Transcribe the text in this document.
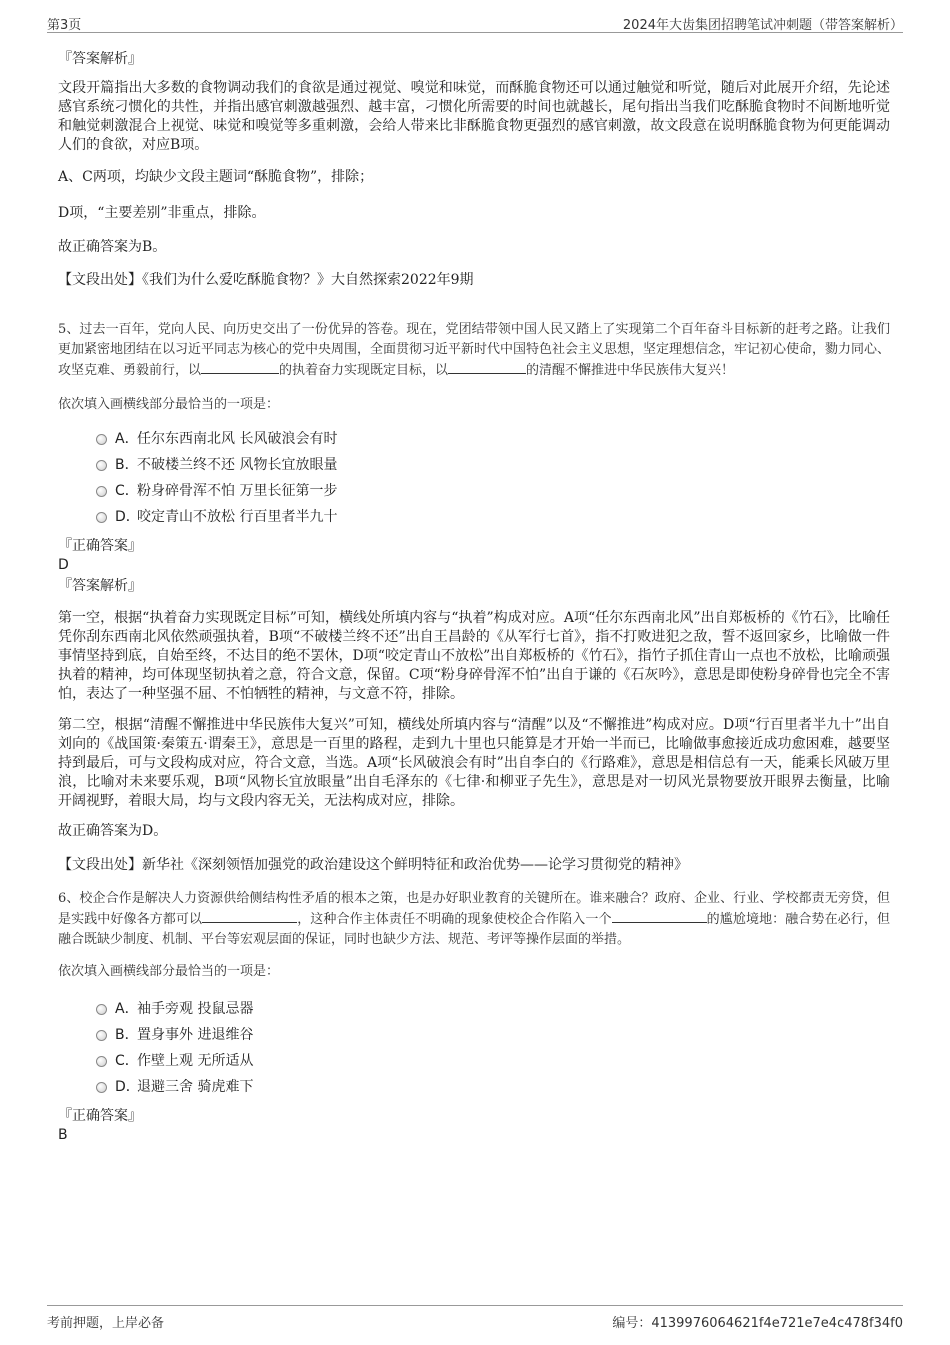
第3页	2024年大齿集团招聘笔试冲刺题（带答案解析）
『答案解析』

文段开篇指出大多数的食物调动我们的食欲是通过视觉、嗅觉和味觉，而酥脆食物还可以通过触觉和听觉，随后对此展开介绍，先论述感官系统刁惯化的共性，并指出感官刺激越强烈、越丰富，刁惯化所需要的时间也就越长，尾句指出当我们吃酥脆食物时不间断地听觉和触觉刺激混合上视觉、味觉和嗅觉等多重刺激，会给人带来比非酥脆食物更强烈的感官刺激，故文段意在说明酥脆食物为何更能调动人们的食欲，对应B项。

A、C两项，均缺少文段主题词“酥脆食物”，排除；

D项，“主要差别”非重点，排除。

故正确答案为B。

【文段出处】《我们为什么爱吃酥脆食物？》大自然探索2022年9期

5、过去一百年，党向人民、向历史交出了一份优异的答卷。现在，党团结带领中国人民又踏上了实现第二个百年奋斗目标新的赶考之路。让我们更加紧密地团结在以习近平同志为核心的党中央周围，全面贯彻习近平新时代中国特色社会主义思想，坚定理想信念，牢记初心使命，勠力同心、攻坚克难、勇毅前行，以	的执着奋力实现既定目标，以	的清醒不懈推进中华民族伟大复兴！

依次填入画横线部分最恰当的一项是：

A．任尔东西南北风 长风破浪会有时
B．不破楼兰终不还 风物长宜放眼量
C．粉身碎骨浑不怕 万里长征第一步
D．咬定青山不放松 行百里者半九十
『正确答案』
D
『答案解析』

第一空，根据“执着奋力实现既定目标”可知，横线处所填内容与“执着”构成对应。A项“任尔东西南北风”出自郑板桥的《竹石》，比喻任凭你刮东西南北风依然顽强执着，B项“不破楼兰终不还”出自王昌龄的《从军行七首》，指不打败进犯之敌，誓不返回家乡，比喻做一件事情坚持到底，自始至终，不达目的绝不罢休，D项“咬定青山不放松”出自郑板桥的《竹石》，指竹子抓住青山一点也不放松，比喻顽强执着的精神，均可体现坚韧执着之意，符合文意，保留。C项“粉身碎骨浑不怕”出自于谦的《石灰吟》，意思是即使粉身碎骨也完全不害怕，表达了一种坚强不屈、不怕牺牲的精神，与文意不符，排除。

第二空，根据“清醒不懈推进中华民族伟大复兴”可知，横线处所填内容与“清醒”以及“不懈推进”构成对应。D项“行百里者半九十”出自刘向的《战国策·秦策五·谓秦王》，意思是一百里的路程，走到九十里也只能算是才开始一半而已，比喻做事愈接近成功愈困难，越要坚持到最后，可与文段构成对应，符合文意，当选。A项“长风破浪会有时”出自李白的《行路难》，意思是相信总有一天，能乘长风破万里浪，比喻对未来要乐观，B项“风物长宜放眼量”出自毛泽东的《七律·和柳亚子先生》，意思是对一切风光景物要放开眼界去衡量，比喻开阔视野，着眼大局，均与文段内容无关，无法构成对应，排除。

故正确答案为D。

【文段出处】新华社《深刻领悟加强党的政治建设这个鲜明特征和政治优势——论学习贯彻党的精神》

6、校企合作是解决人力资源供给侧结构性矛盾的根本之策，也是办好职业教育的关键所在。谁来融合？政府、企业、行业、学校都责无旁贷，但是实践中好像各方都可以	，这种合作主体责任不明确的现象使校企合作陷入一个	的尴尬境地：融合势在必行，但融合既缺少制度、机制、平台等宏观层面的保证，同时也缺少方法、规范、考评等操作层面的举措。

依次填入画横线部分最恰当的一项是：

A．袖手旁观 投鼠忌器
B．置身事外 进退维谷
C．作壁上观 无所适从
D．退避三舍 骑虎难下
『正确答案』
B
考前押题，上岸必备	编号：4139976064621f4e721e7e4c478f34f0
